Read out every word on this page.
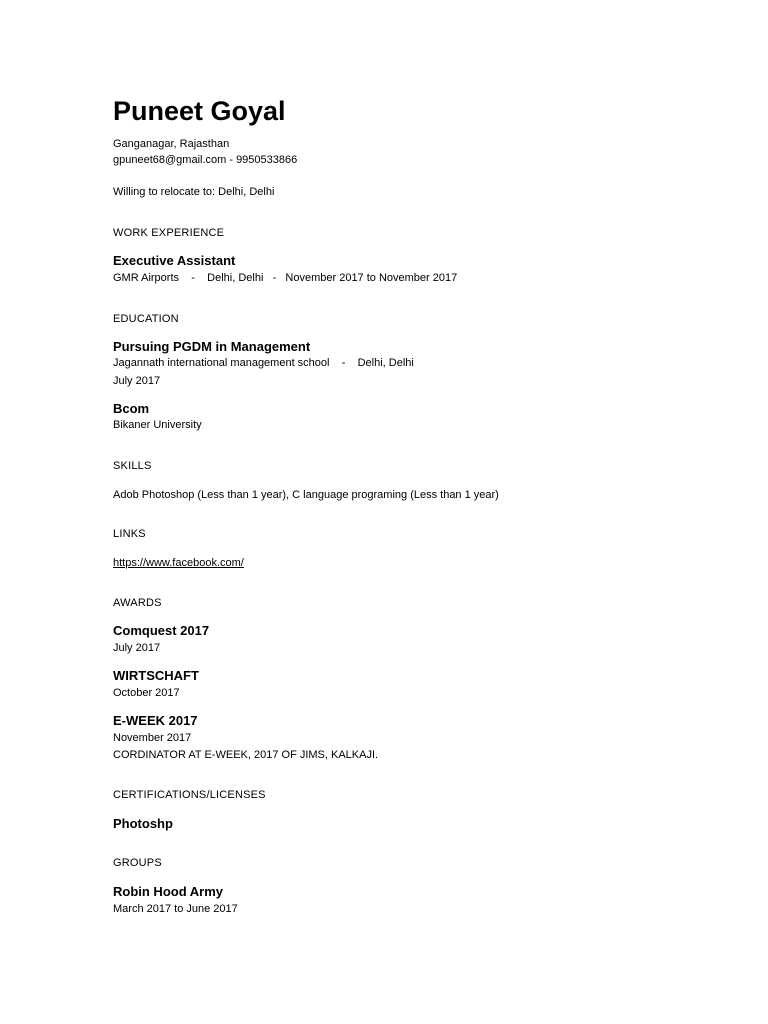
Puneet Goyal
Ganganagar, Rajasthan
gpuneet68@gmail.com - 9950533866
Willing to relocate to: Delhi, Delhi
WORK EXPERIENCE
Executive Assistant
GMR Airports    -    Delhi, Delhi   -   November 2017 to November 2017
EDUCATION
Pursuing PGDM in Management
Jagannath international management school    -    Delhi, Delhi
July 2017
Bcom
Bikaner University
SKILLS
Adob Photoshop (Less than 1 year), C language programing (Less than 1 year)
LINKS
https://www.facebook.com/
AWARDS
Comquest 2017
July 2017
WIRTSCHAFT
October 2017
E-WEEK 2017
November 2017
CORDINATOR AT E-WEEK, 2017 OF JIMS, KALKAJI.
CERTIFICATIONS/LICENSES
Photoshp
GROUPS
Robin Hood Army
March 2017 to June 2017
